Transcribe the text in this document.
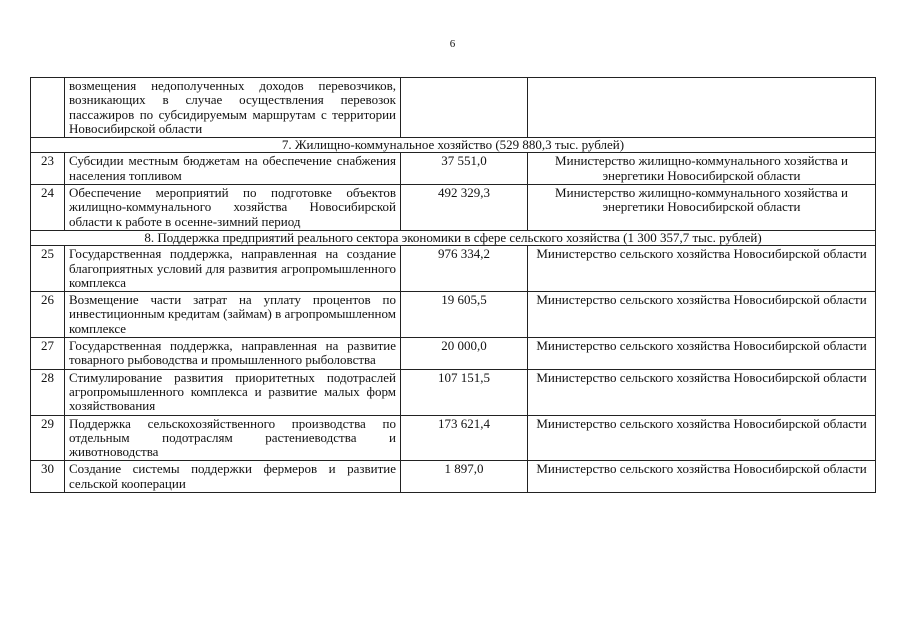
6
	возмещения недополученных доходов перевозчиков, возникающих в случае осуществления перевозок пассажиров по субсидируемым маршрутам с территории Новосибирской области		
7. Жилищно-коммунальное хозяйство (529 880,3 тыс. рублей)			
23	Субсидии местным бюджетам на обеспечение снабжения населения топливом	37 551,0	Министерство жилищно-коммунального хозяйства и энергетики Новосибирской области
24	Обеспечение мероприятий по подготовке объектов жилищно-коммунального хозяйства Новосибирской области к работе в осенне-зимний период	492 329,3	Министерство жилищно-коммунального хозяйства и энергетики Новосибирской области
8. Поддержка предприятий реального сектора экономики в сфере сельского хозяйства (1 300 357,7 тыс. рублей)			
25	Государственная поддержка, направленная на создание благоприятных условий для развития агропромышленного комплекса	976 334,2	Министерство сельского хозяйства Новосибирской области
26	Возмещение части затрат на уплату процентов по инвестиционным кредитам (займам) в агропромышленном комплексе	19 605,5	Министерство сельского хозяйства Новосибирской области
27	Государственная поддержка, направленная на развитие товарного рыбоводства и промышленного рыболовства	20 000,0	Министерство сельского хозяйства Новосибирской области
28	Стимулирование развития приоритетных подотраслей агропромышленного комплекса и развитие малых форм хозяйствования	107 151,5	Министерство сельского хозяйства Новосибирской области
29	Поддержка сельскохозяйственного производства по отдельным подотраслям растениеводства и животноводства	173 621,4	Министерство сельского хозяйства Новосибирской области
30	Создание системы поддержки фермеров и развитие сельской кооперации	1 897,0	Министерство сельского хозяйства Новосибирской области
